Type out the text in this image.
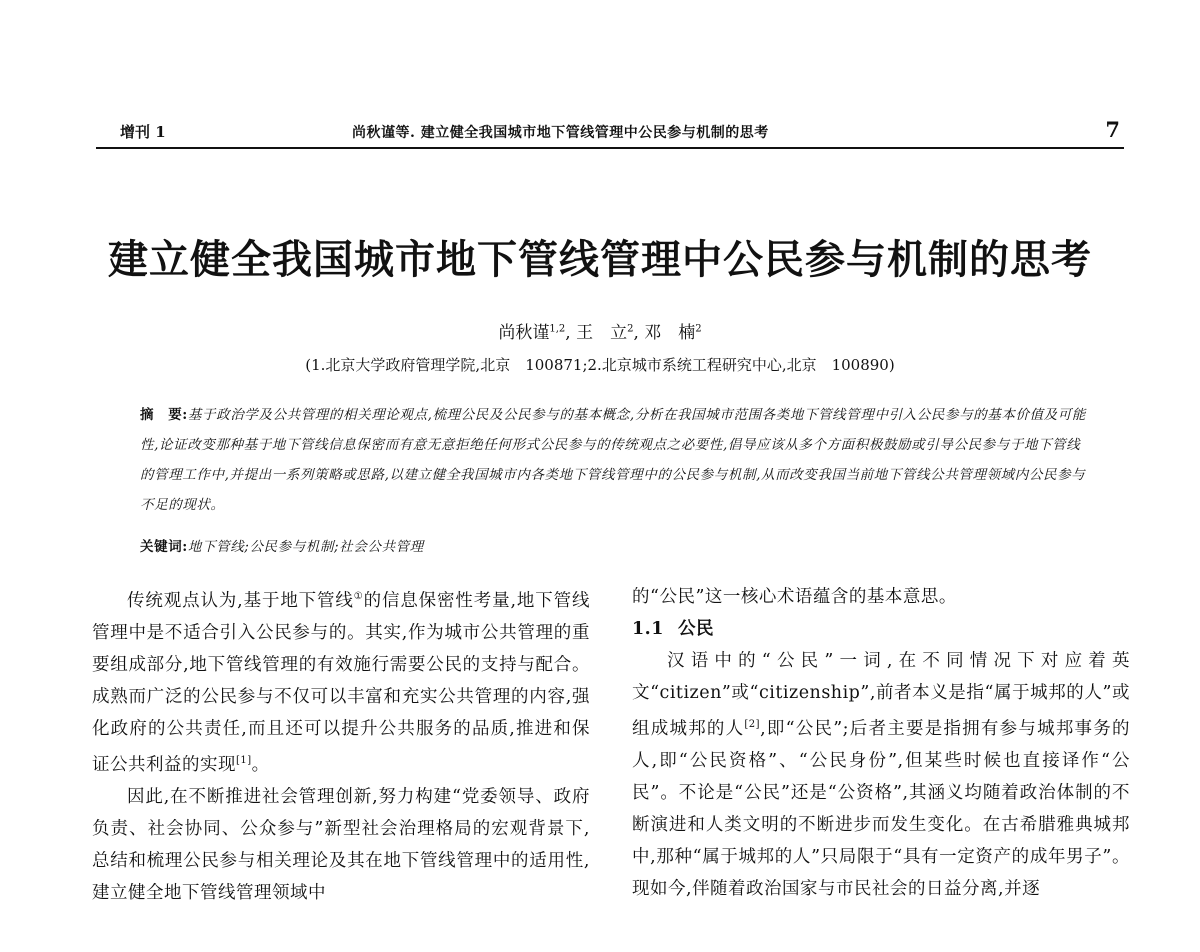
增刊 1	尚秋谨等. 建立健全我国城市地下管线管理中公民参与机制的思考	7
建立健全我国城市地下管线管理中公民参与机制的思考
尚秋谨$^{1,2}$, 王　立$^2$, 邓　楠$^2$
(1.北京大学政府管理学院,北京　100871;2.北京城市系统工程研究中心,北京　100890)
摘　要:基于政治学及公共管理的相关理论观点,梳理公民及公民参与的基本概念,分析在我国城市范围各类地下管线管理中引入公民参与的基本价值及可能性,论证改变那种基于地下管线信息保密而有意无意拒绝任何形式公民参与的传统观点之必要性,倡导应该从多个方面积极鼓励或引导公民参与于地下管线的管理工作中,并提出一系列策略或思路,以建立健全我国城市内各类地下管线管理中的公民参与机制,从而改变我国当前地下管线公共管理领域内公民参与不足的现状。
关键词:地下管线;公民参与机制;社会公共管理

传统观点认为,基于地下管线①的信息保密性考量,地下管线管理中是不适合引入公民参与的。其实,作为城市公共管理的重要组成部分,地下管线管理的有效施行需要公民的支持与配合。成熟而广泛的公民参与不仅可以丰富和充实公共管理的内容,强化政府的公共责任,而且还可以提升公共服务的品质,推进和保证公共利益的实现[1]。

因此,在不断推进社会管理创新,努力构建“党委领导、政府负责、社会协同、公众参与”新型社会治理格局的宏观背景下,总结和梳理公民参与相关理论及其在地下管线管理中的适用性,建立健全地下管线管理领域中

的“公民”这一核心术语蕴含的基本意思。

1.1 公民

汉语中的“公民”一词,在不同情况下对应着英文“citizen”或“citizenship”,前者本义是指“属于城邦的人”或组成城邦的人[2],即“公民”;后者主要是指拥有参与城邦事务的人,即“公民资格”、“公民身份”,但某些时候也直接译作“公民”。不论是“公民”还是“公资格”,其涵义均随着政治体制的不断演进和人类文明的不断进步而发生变化。在古希腊雅典城邦中,那种“属于城邦的人”只局限于“具有一定资产的成年男子”。现如今,伴随着政治国家与市民社会的日益分离,并逐
